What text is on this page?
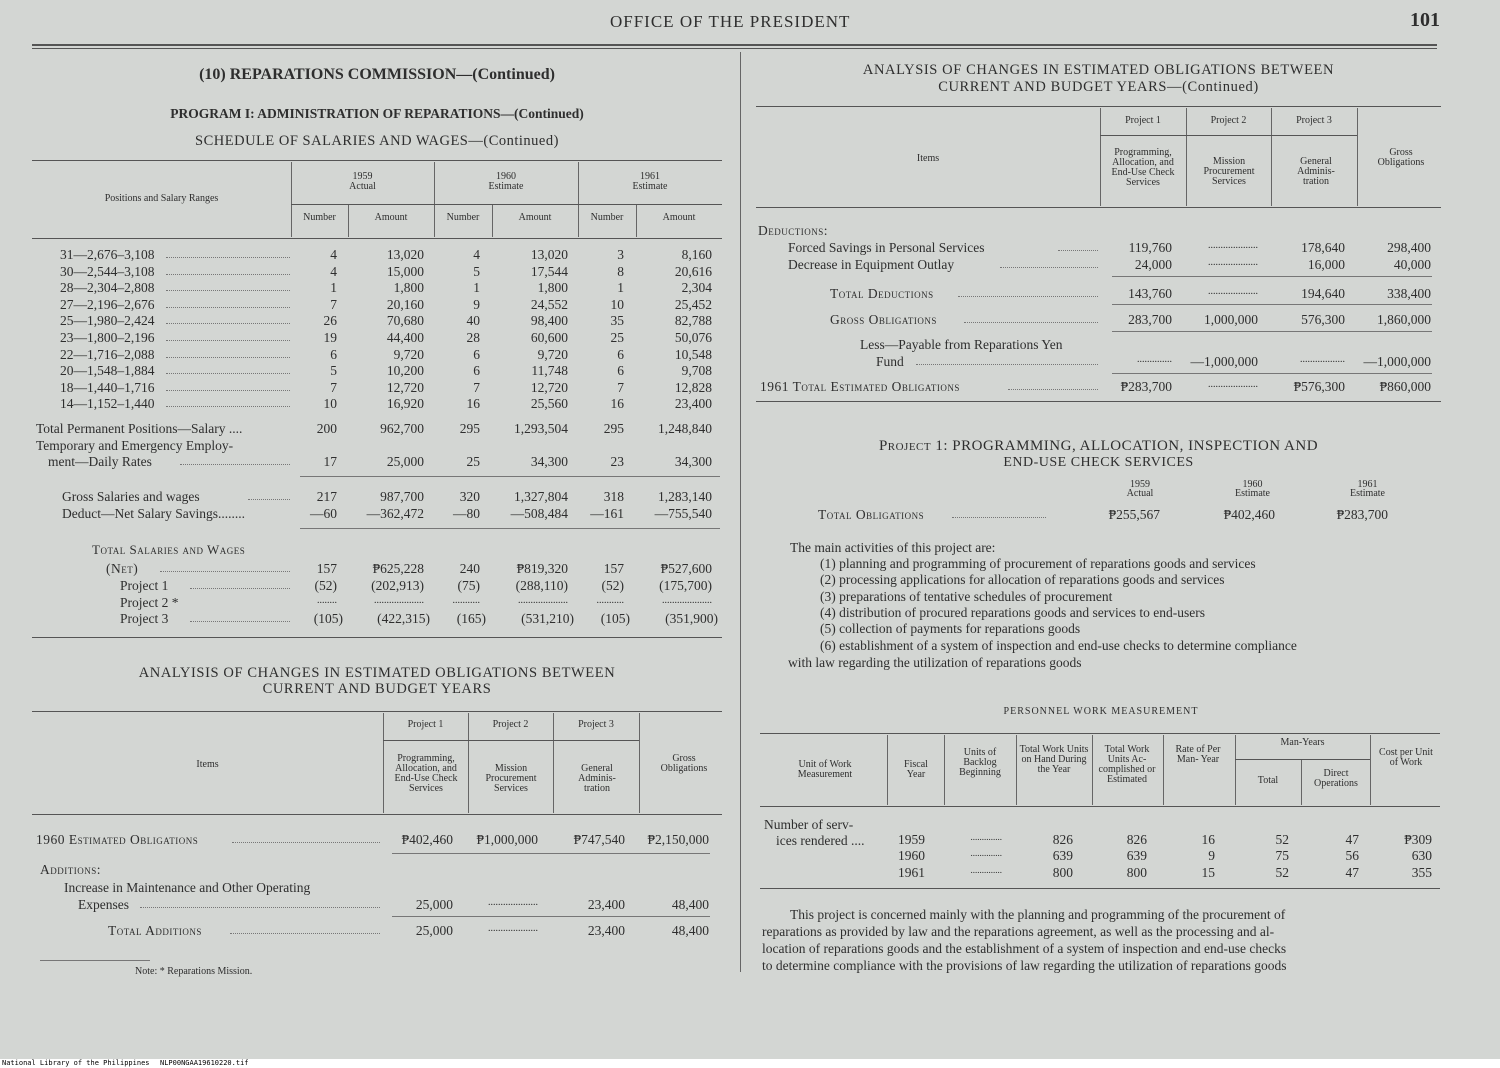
OFFICE OF THE PRESIDENT	101
(10) REPARATIONS COMMISSION—(Continued)
PROGRAM I: ADMINISTRATION OF REPARATIONS—(Continued)
SCHEDULE OF SALARIES AND WAGES—(Continued)
Positions and Salary Ranges
1959
Actual
1960
Estimate
1961
Estimate
Number	Amount	Number	Amount	Number	Amount
31—2,676–3,108	4	13,020	4	13,020	3	8,160
30—2,544–3,108	4	15,000	5	17,544	8	20,616
28—2,304–2,808	1	1,800	1	1,800	1	2,304
27—2,196–2,676	7	20,160	9	24,552	10	25,452
25—1,980–2,424	26	70,680	40	98,400	35	82,788
23—1,800–2,196	19	44,400	28	60,600	25	50,076
22—1,716–2,088	6	9,720	6	9,720	6	10,548
20—1,548–1,884	5	10,200	6	11,748	6	9,708
18—1,440–1,716	7	12,720	7	12,720	7	12,828
14—1,152–1,440	10	16,920	16	25,560	16	23,400
Total Permanent Positions—Salary ....	200	962,700	295	1,293,504	295	1,248,840
Temporary and Emergency Employ-
ment—Daily Rates	17	25,000	25	34,300	23	34,300
Gross Salaries and wages	217	987,700	320	1,327,804	318	1,283,140
Deduct—Net Salary Savings........	—60	—362,472	—80	—508,484	—161	—755,540
Total Salaries and Wages
(Net)	157	₱625,228	240	₱819,320	157	₱527,600
Project 1	(52)	(202,913)	(75)	(288,110)	(52)	(175,700)
Project 2 *	........	....................	...........	....................	...........	....................
Project 3	(105)	(422,315)	(165)	(531,210)	(105)	(351,900)
ANALYISIS OF CHANGES IN ESTIMATED OBLIGATIONS BETWEEN
CURRENT AND BUDGET YEARS
Items
Project 1	Project 2	Project 3
Programming, Allocation, and End-Use Check Services
Mission Procurement Services
General Adminis- tration
Gross Obligations
1960 Estimated Obligations	₱402,460	₱1,000,000	₱747,540	₱2,150,000
Additions:
Increase in Maintenance and Other Operating
Expenses	25,000	....................	23,400	48,400
Total Additions	25,000	....................	23,400	48,400
Note: * Reparations Mission.
ANALYSIS OF CHANGES IN ESTIMATED OBLIGATIONS BETWEEN
CURRENT AND BUDGET YEARS—(Continued)
Items
Project 1	Project 2	Project 3
Programming, Allocation, and End-Use Check Services
Mission Procurement Services
General Adminis- tration
Gross Obligations
Deductions:
Forced Savings in Personal Services	119,760	....................	178,640	298,400
Decrease in Equipment Outlay	24,000	....................	16,000	40,000
Total Deductions	143,760	....................	194,640	338,400
Gross Obligations	283,700	1,000,000	576,300	1,860,000
Less—Payable from Reparations Yen
Fund	..............	—1,000,000	..................	—1,000,000
1961 Total Estimated Obligations	₱283,700	....................	₱576,300	₱860,000
Project 1: PROGRAMMING, ALLOCATION, INSPECTION AND
END-USE CHECK SERVICES
1959
Actual
1960
Estimate
1961
Estimate
Total Obligations	₱255,567	₱402,460	₱283,700
The main activities of this project are:
(1) planning and programming of procurement of reparations goods and services
(2) processing applications for allocation of reparations goods and services
(3) preparations of tentative schedules of procurement
(4) distribution of procured reparations goods and services to end-users
(5) collection of payments for reparations goods
(6) establishment of a system of inspection and end-use checks to determine compliance
with law regarding the utilization of reparations goods
PERSONNEL WORK MEASUREMENT
Unit of Work Measurement
Fiscal Year
Units of Backlog Beginning
Total Work Units on Hand During the Year
Total Work Units Ac- complished or Estimated
Rate of Per Man- Year
Man-Years
Total
Direct Operations
Cost per Unit of Work
Number of serv-
ices rendered ....	1959	..............	826	826	16	52	47	₱309
1960	..............	639	639	9	75	56	630
1961	..............	800	800	15	52	47	355
This project is concerned mainly with the planning and programming of the procurement of
reparations as provided by law and the reparations agreement, as well as the processing and al-
location of reparations goods and the establishment of a system of inspection and end-use checks
to determine compliance with the provisions of law regarding the utilization of reparations goods
National Library of the Philippines NLP00NGAA19610220.tif
